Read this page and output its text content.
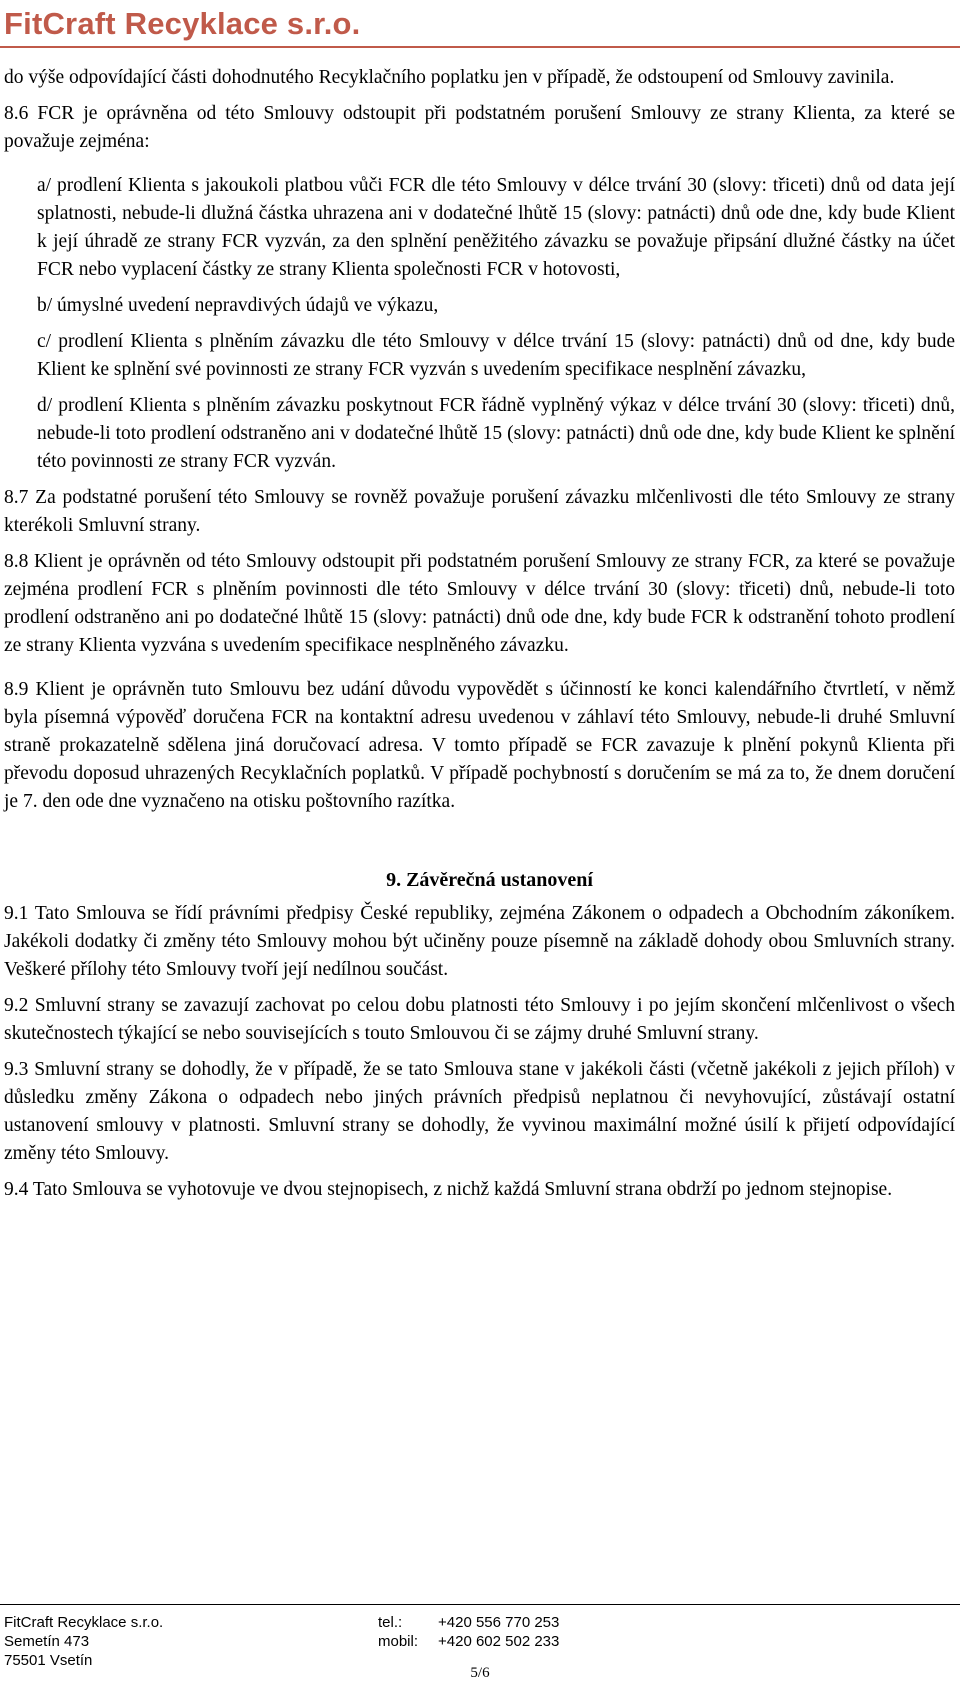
FitCraft Recyklace s.r.o.

do výše odpovídající části dohodnutého Recyklačního poplatku jen v případě, že odstoupení od Smlouvy zavinila.

8.6 FCR je oprávněna od této Smlouvy odstoupit při podstatném porušení Smlouvy ze strany Klienta, za které se považuje zejména:

a/ prodlení Klienta s jakoukoli platbou vůči FCR dle této Smlouvy v délce trvání 30 (slovy: třiceti) dnů od data její splatnosti, nebude-li dlužná částka uhrazena ani v dodatečné lhůtě 15 (slovy: patnácti) dnů ode dne, kdy bude Klient k její úhradě ze strany FCR vyzván, za den splnění peněžitého závazku se považuje připsání dlužné částky na účet FCR nebo vyplacení částky ze strany Klienta společnosti FCR v hotovosti,

b/ úmyslné uvedení nepravdivých údajů ve výkazu,

c/ prodlení Klienta s plněním závazku dle této Smlouvy v délce trvání 15 (slovy: patnácti) dnů od dne, kdy bude Klient ke splnění své povinnosti ze strany FCR vyzván s uvedením specifikace nesplnění závazku,

d/ prodlení Klienta s plněním závazku poskytnout FCR řádně vyplněný výkaz v délce trvání 30 (slovy: třiceti) dnů, nebude-li toto prodlení odstraněno ani v dodatečné lhůtě 15 (slovy: patnácti) dnů ode dne, kdy bude Klient ke splnění této povinnosti ze strany FCR vyzván.

8.7 Za podstatné porušení této Smlouvy se rovněž považuje porušení závazku mlčenlivosti dle této Smlouvy ze strany kterékoli Smluvní strany.

8.8 Klient je oprávněn od této Smlouvy odstoupit při podstatném porušení Smlouvy ze strany FCR, za které se považuje zejména prodlení FCR s plněním povinnosti dle této Smlouvy v délce trvání 30 (slovy: třiceti) dnů, nebude-li toto prodlení odstraněno ani po dodatečné lhůtě 15 (slovy: patnácti) dnů ode dne, kdy bude FCR k odstranění tohoto prodlení ze strany Klienta vyzvána s uvedením specifikace nesplněného závazku.

8.9 Klient je oprávněn tuto Smlouvu bez udání důvodu vypovědět s účinností ke konci kalendářního čtvrtletí, v němž byla písemná výpověď doručena FCR na kontaktní adresu uvedenou v záhlaví této Smlouvy, nebude-li druhé Smluvní straně prokazatelně sdělena jiná doručovací adresa. V tomto případě se FCR zavazuje k plnění pokynů Klienta při převodu doposud uhrazených Recyklačních poplatků. V případě pochybností s doručením se má za to, že dnem doručení je 7. den ode dne vyznačeno na otisku poštovního razítka.

9. Závěrečná ustanovení

9.1 Tato Smlouva se řídí právními předpisy České republiky, zejména Zákonem o odpadech a Obchodním zákoníkem. Jakékoli dodatky či změny této Smlouvy mohou být učiněny pouze písemně na základě dohody obou Smluvních strany. Veškeré přílohy této Smlouvy tvoří její nedílnou součást.

9.2 Smluvní strany se zavazují zachovat po celou dobu platnosti této Smlouvy i po jejím skončení mlčenlivost o všech skutečnostech týkající se nebo souvisejících s touto Smlouvou či se zájmy druhé Smluvní strany.

9.3 Smluvní strany se dohodly, že v případě, že se tato Smlouva stane v jakékoli části (včetně jakékoli z jejich příloh) v důsledku změny Zákona o odpadech nebo jiných právních předpisů neplatnou či nevyhovující, zůstávají ostatní ustanovení smlouvy v platnosti. Smluvní strany se dohodly, že vyvinou maximální možné úsilí k přijetí odpovídající změny této Smlouvy.

9.4 Tato Smlouva se vyhotovuje ve dvou stejnopisech, z nichž každá Smluvní strana obdrží po jednom stejnopise.

FitCraft Recyklace s.r.o.
Semetín 473
75501 Vsetín
tel.:
mobil:
+420 556 770 253
+420 602 502 233
5/6
